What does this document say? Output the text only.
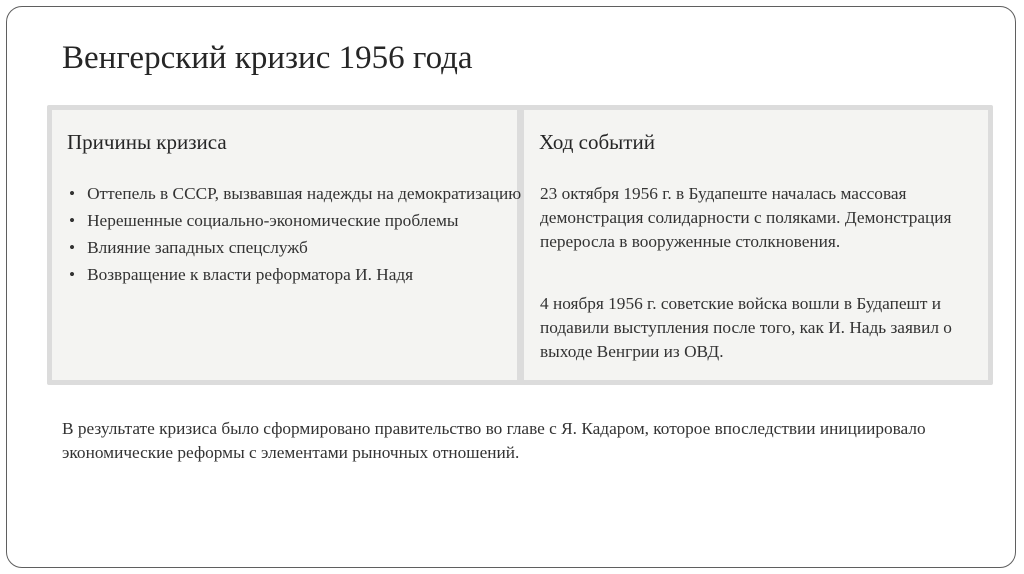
Венгерский кризис 1956 года
Причины кризиса
• Оттепель в СССР, вызвавшая надежды на демократизацию
• Нерешенные социально-экономические проблемы
• Влияние западных спецслужб
• Возвращение к власти реформатора И. Надя
Ход событий

23 октября 1956 г. в Будапеште началась массовая демонстрация солидарности с поляками. Демонстрация переросла в вооруженные столкновения.

4 ноября 1956 г. советские войска вошли в Будапешт и подавили выступления после того, как И. Надь заявил о выходе Венгрии из ОВД.

В результате кризиса было сформировано правительство во главе с Я. Кадаром, которое впоследствии инициировало экономические реформы с элементами рыночных отношений.
